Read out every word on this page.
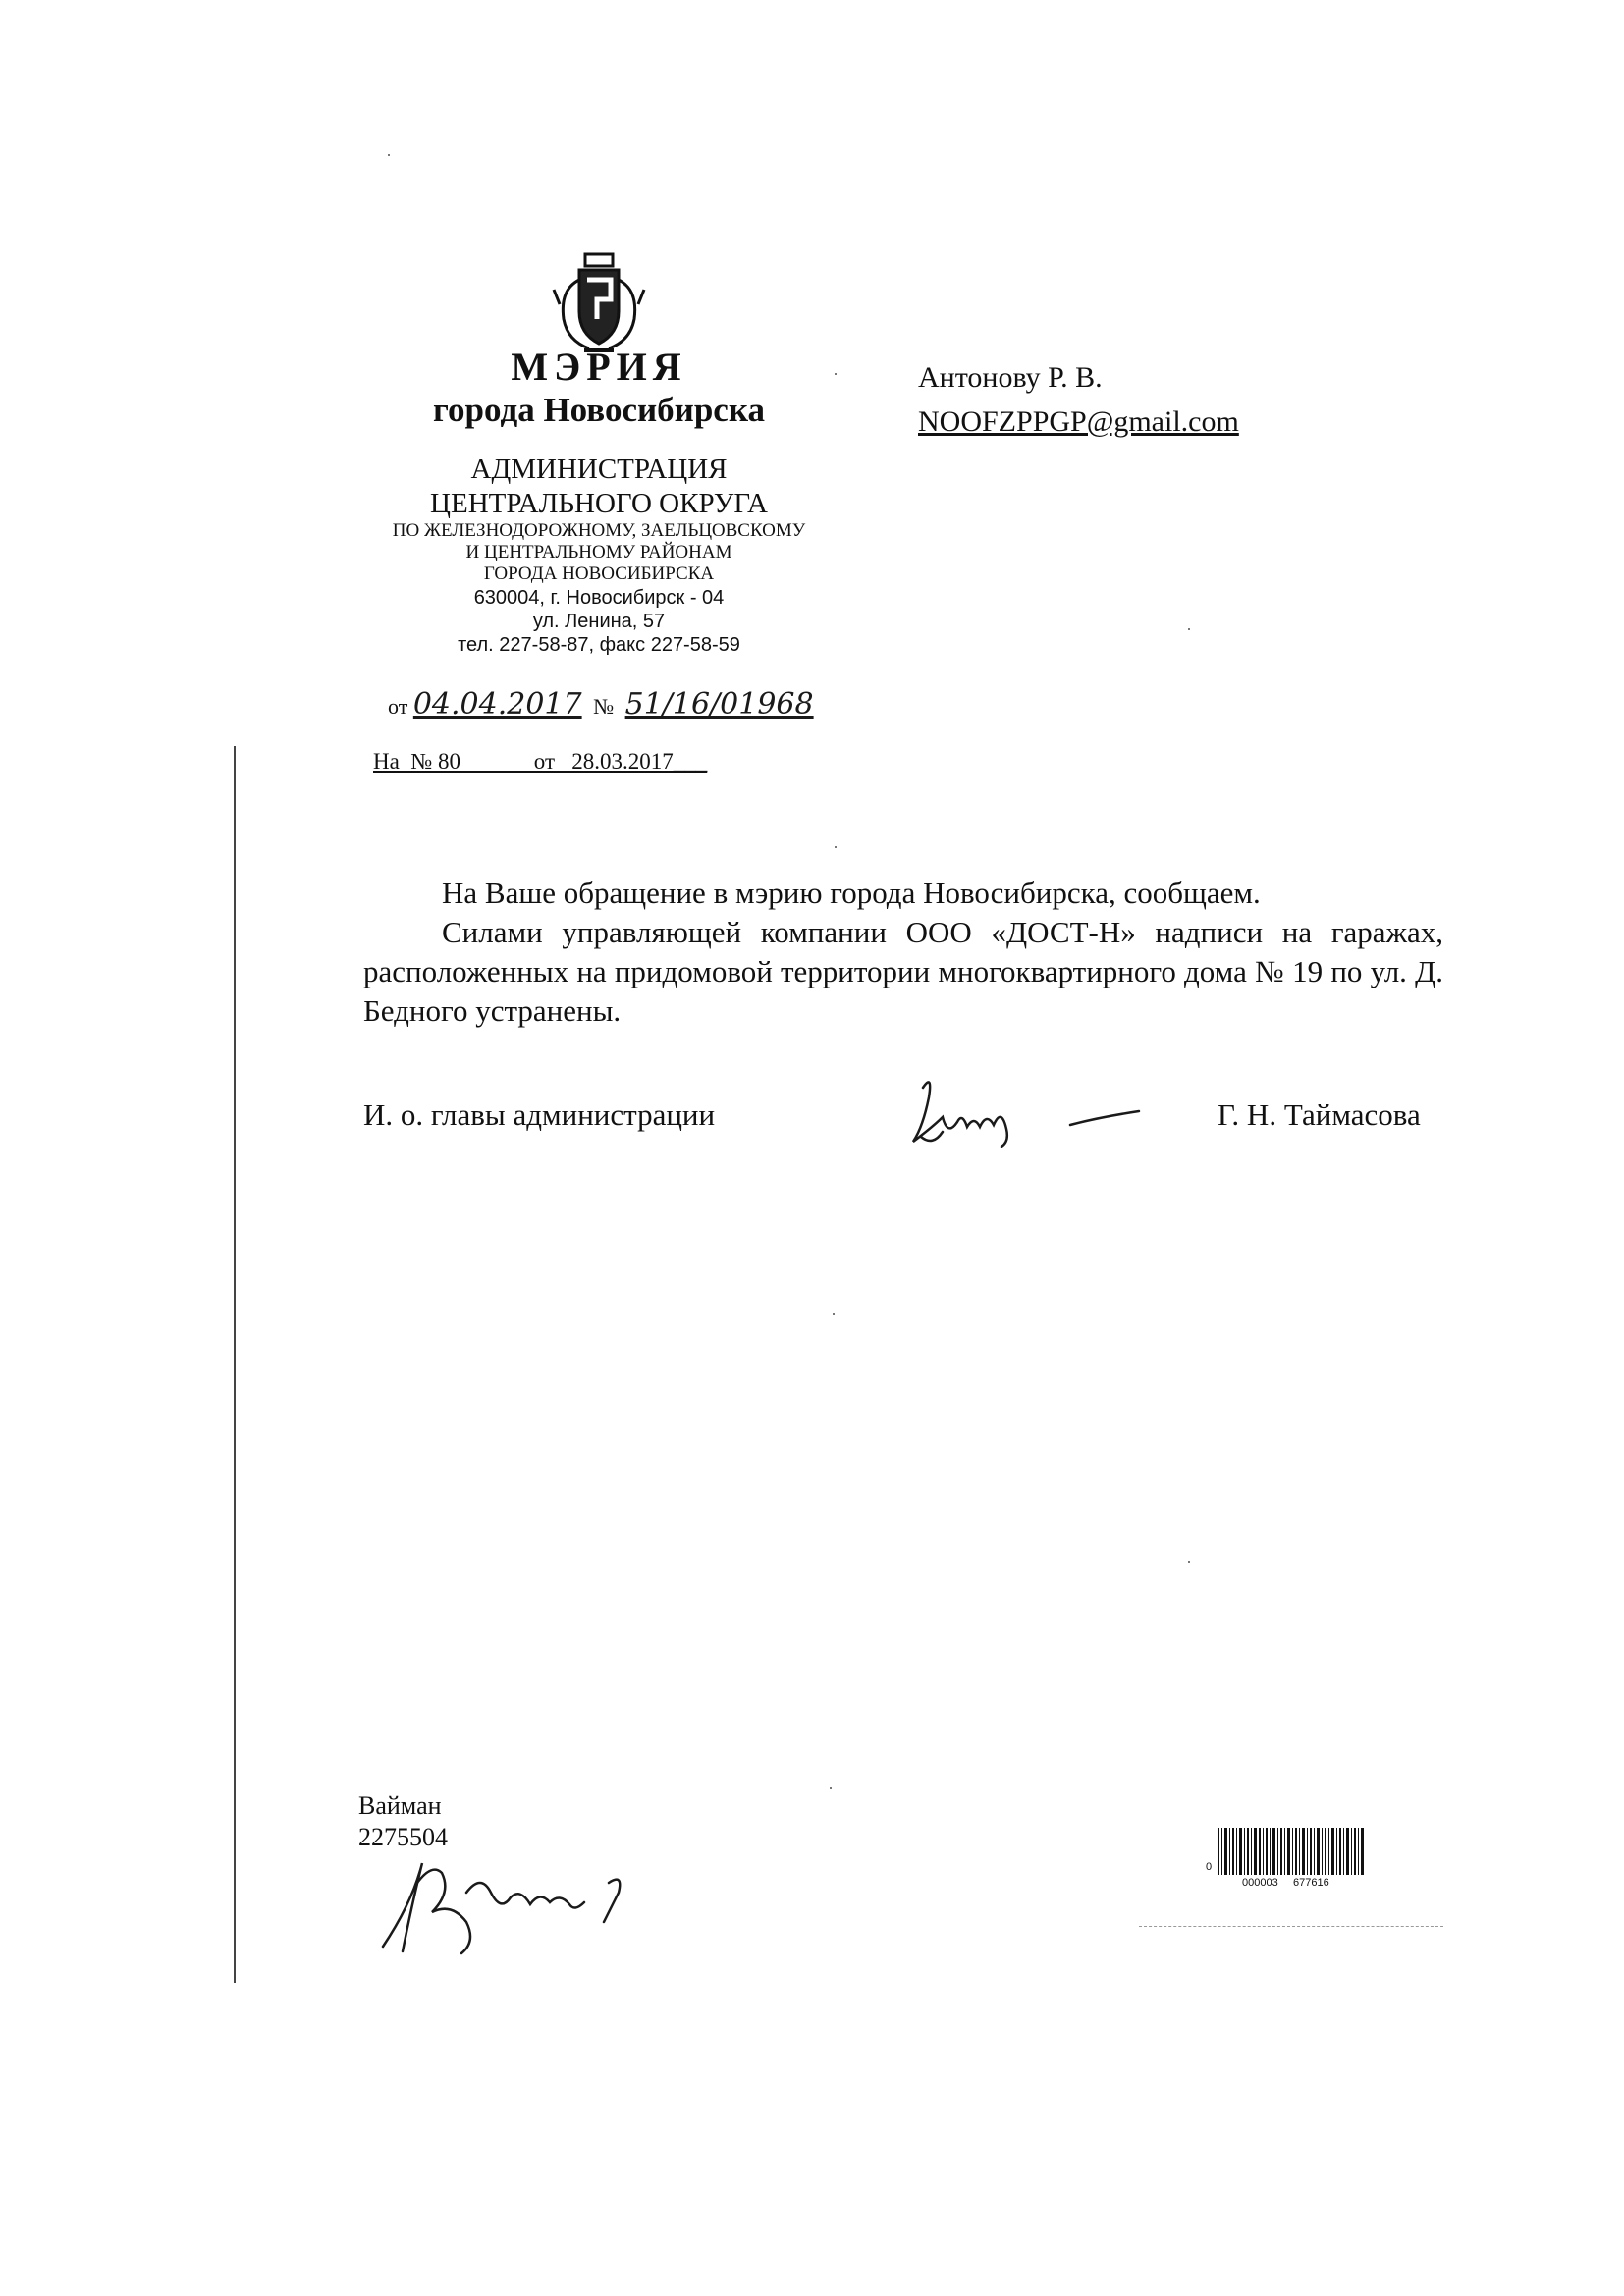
МЭРИЯ
города Новосибирска
АДМИНИСТРАЦИЯ
ЦЕНТРАЛЬНОГО ОКРУГА
ПО ЖЕЛЕЗНОДОРОЖНОМУ, ЗАЕЛЬЦОВСКОМУ
И ЦЕНТРАЛЬНОМУ РАЙОНАМ
ГОРОДА НОВОСИБИРСКА
630004, г. Новосибирск - 04
ул. Ленина, 57
тел. 227-58-87, факс 227-58-59
от 04.04.2017 № 51/16/01968
На  № 80             от   28.03.2017___
Антонову Р. В.
NOOFZPPGP@gmail.com

На Ваше обращение в мэрию города Новосибирска, сообщаем.

Силами управляющей компании ООО «ДОСТ-Н» надписи на гаражах, расположенных на придомовой территории многоквартирного дома № 19 по ул. Д. Бедного устранены.

И. о. главы администрации	Г. Н. Таймасова
Вайман
2275504
0
000003     677616
